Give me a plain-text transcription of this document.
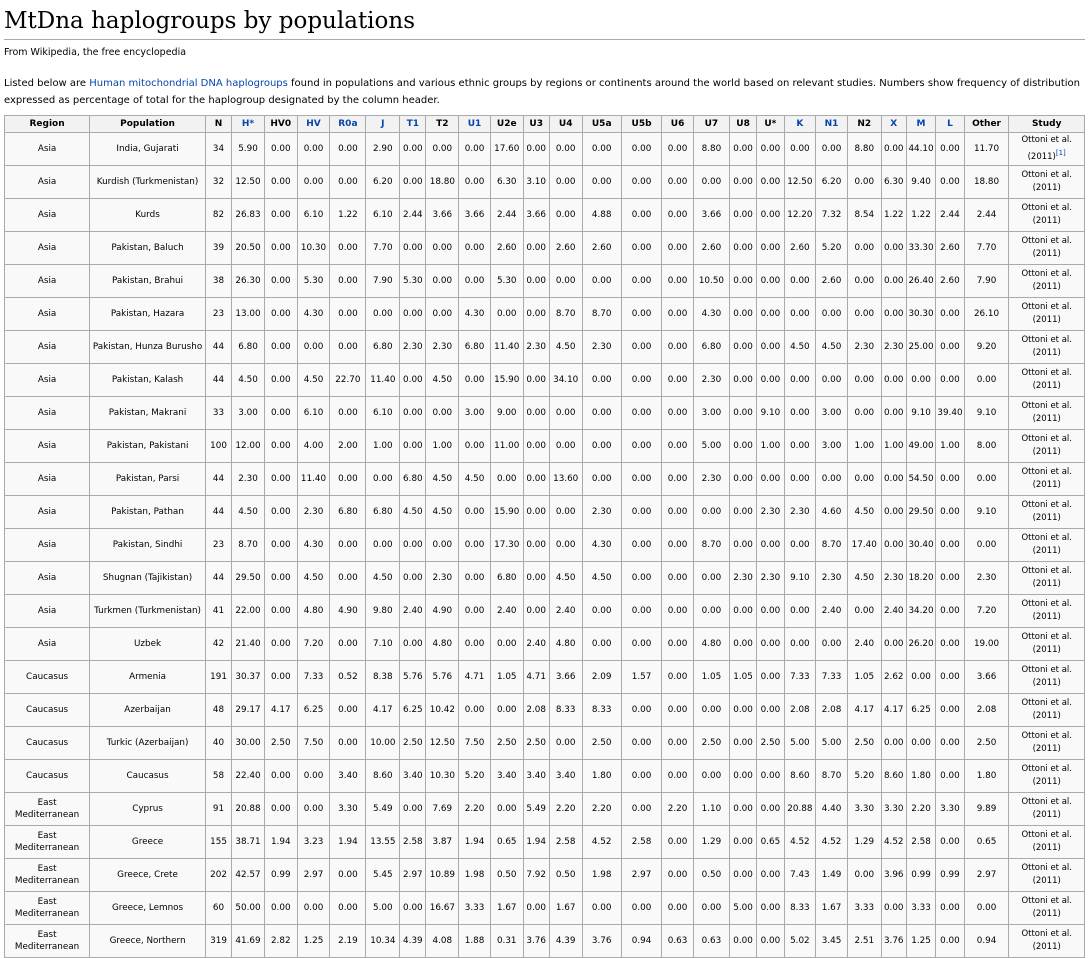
MtDna haplogroups by populations
From Wikipedia, the free encyclopedia
Listed below are Human mitochondrial DNA haplogroups found in populations and various ethnic groups by regions or continents around the world based on relevant studies. Numbers show frequency of distribution expressed as percentage of total for the haplogroup designated by the column header.
Region	Population	N	H*	HV0	HV	R0a	J	T1	T2	U1	U2e	U3	U4	U5a	U5b	U6	U7	U8	U*	K	N1	N2	X	M	L	Other	Study
Asia	India, Gujarati	34	5.90	0.00	0.00	0.00	2.90	0.00	0.00	0.00	17.60	0.00	0.00	0.00	0.00	0.00	8.80	0.00	0.00	0.00	0.00	8.80	0.00	44.10	0.00	11.70	Ottoni et al. (2011)[1]
Asia	Kurdish (Turkmenistan)	32	12.50	0.00	0.00	0.00	6.20	0.00	18.80	0.00	6.30	3.10	0.00	0.00	0.00	0.00	0.00	0.00	0.00	12.50	6.20	0.00	6.30	9.40	0.00	18.80	Ottoni et al. (2011)
Asia	Kurds	82	26.83	0.00	6.10	1.22	6.10	2.44	3.66	3.66	2.44	3.66	0.00	4.88	0.00	0.00	3.66	0.00	0.00	12.20	7.32	8.54	1.22	1.22	2.44	2.44	Ottoni et al. (2011)
Asia	Pakistan, Baluch	39	20.50	0.00	10.30	0.00	7.70	0.00	0.00	0.00	2.60	0.00	2.60	2.60	0.00	0.00	2.60	0.00	0.00	2.60	5.20	0.00	0.00	33.30	2.60	7.70	Ottoni et al. (2011)
Asia	Pakistan, Brahui	38	26.30	0.00	5.30	0.00	7.90	5.30	0.00	0.00	5.30	0.00	0.00	0.00	0.00	0.00	10.50	0.00	0.00	0.00	2.60	0.00	0.00	26.40	2.60	7.90	Ottoni et al. (2011)
Asia	Pakistan, Hazara	23	13.00	0.00	4.30	0.00	0.00	0.00	0.00	4.30	0.00	0.00	8.70	8.70	0.00	0.00	4.30	0.00	0.00	0.00	0.00	0.00	0.00	30.30	0.00	26.10	Ottoni et al. (2011)
Asia	Pakistan, Hunza Burusho	44	6.80	0.00	0.00	0.00	6.80	2.30	2.30	6.80	11.40	2.30	4.50	2.30	0.00	0.00	6.80	0.00	0.00	4.50	4.50	2.30	2.30	25.00	0.00	9.20	Ottoni et al. (2011)
Asia	Pakistan, Kalash	44	4.50	0.00	4.50	22.70	11.40	0.00	4.50	0.00	15.90	0.00	34.10	0.00	0.00	0.00	2.30	0.00	0.00	0.00	0.00	0.00	0.00	0.00	0.00	0.00	Ottoni et al. (2011)
Asia	Pakistan, Makrani	33	3.00	0.00	6.10	0.00	6.10	0.00	0.00	3.00	9.00	0.00	0.00	0.00	0.00	0.00	3.00	0.00	9.10	0.00	3.00	0.00	0.00	9.10	39.40	9.10	Ottoni et al. (2011)
Asia	Pakistan, Pakistani	100	12.00	0.00	4.00	2.00	1.00	0.00	1.00	0.00	11.00	0.00	0.00	0.00	0.00	0.00	5.00	0.00	1.00	0.00	3.00	1.00	1.00	49.00	1.00	8.00	Ottoni et al. (2011)
Asia	Pakistan, Parsi	44	2.30	0.00	11.40	0.00	0.00	6.80	4.50	4.50	0.00	0.00	13.60	0.00	0.00	0.00	2.30	0.00	0.00	0.00	0.00	0.00	0.00	54.50	0.00	0.00	Ottoni et al. (2011)
Asia	Pakistan, Pathan	44	4.50	0.00	2.30	6.80	6.80	4.50	4.50	0.00	15.90	0.00	0.00	2.30	0.00	0.00	0.00	0.00	2.30	2.30	4.60	4.50	0.00	29.50	0.00	9.10	Ottoni et al. (2011)
Asia	Pakistan, Sindhi	23	8.70	0.00	4.30	0.00	0.00	0.00	0.00	0.00	17.30	0.00	0.00	4.30	0.00	0.00	8.70	0.00	0.00	0.00	8.70	17.40	0.00	30.40	0.00	0.00	Ottoni et al. (2011)
Asia	Shugnan (Tajikistan)	44	29.50	0.00	4.50	0.00	4.50	0.00	2.30	0.00	6.80	0.00	4.50	4.50	0.00	0.00	0.00	2.30	2.30	9.10	2.30	4.50	2.30	18.20	0.00	2.30	Ottoni et al. (2011)
Asia	Turkmen (Turkmenistan)	41	22.00	0.00	4.80	4.90	9.80	2.40	4.90	0.00	2.40	0.00	2.40	0.00	0.00	0.00	0.00	0.00	0.00	0.00	2.40	0.00	2.40	34.20	0.00	7.20	Ottoni et al. (2011)
Asia	Uzbek	42	21.40	0.00	7.20	0.00	7.10	0.00	4.80	0.00	0.00	2.40	4.80	0.00	0.00	0.00	4.80	0.00	0.00	0.00	0.00	2.40	0.00	26.20	0.00	19.00	Ottoni et al. (2011)
Caucasus	Armenia	191	30.37	0.00	7.33	0.52	8.38	5.76	5.76	4.71	1.05	4.71	3.66	2.09	1.57	0.00	1.05	1.05	0.00	7.33	7.33	1.05	2.62	0.00	0.00	3.66	Ottoni et al. (2011)
Caucasus	Azerbaijan	48	29.17	4.17	6.25	0.00	4.17	6.25	10.42	0.00	0.00	2.08	8.33	8.33	0.00	0.00	0.00	0.00	0.00	2.08	2.08	4.17	4.17	6.25	0.00	2.08	Ottoni et al. (2011)
Caucasus	Turkic (Azerbaijan)	40	30.00	2.50	7.50	0.00	10.00	2.50	12.50	7.50	2.50	2.50	0.00	2.50	0.00	0.00	2.50	0.00	2.50	5.00	5.00	2.50	0.00	0.00	0.00	2.50	Ottoni et al. (2011)
Caucasus	Caucasus	58	22.40	0.00	0.00	3.40	8.60	3.40	10.30	5.20	3.40	3.40	3.40	1.80	0.00	0.00	0.00	0.00	0.00	8.60	8.70	5.20	8.60	1.80	0.00	1.80	Ottoni et al. (2011)
East Mediterranean	Cyprus	91	20.88	0.00	0.00	3.30	5.49	0.00	7.69	2.20	0.00	5.49	2.20	2.20	0.00	2.20	1.10	0.00	0.00	20.88	4.40	3.30	3.30	2.20	3.30	9.89	Ottoni et al. (2011)
East Mediterranean	Greece	155	38.71	1.94	3.23	1.94	13.55	2.58	3.87	1.94	0.65	1.94	2.58	4.52	2.58	0.00	1.29	0.00	0.65	4.52	4.52	1.29	4.52	2.58	0.00	0.65	Ottoni et al. (2011)
East Mediterranean	Greece, Crete	202	42.57	0.99	2.97	0.00	5.45	2.97	10.89	1.98	0.50	7.92	0.50	1.98	2.97	0.00	0.50	0.00	0.00	7.43	1.49	0.00	3.96	0.99	0.99	2.97	Ottoni et al. (2011)
East Mediterranean	Greece, Lemnos	60	50.00	0.00	0.00	0.00	5.00	0.00	16.67	3.33	1.67	0.00	1.67	0.00	0.00	0.00	0.00	5.00	0.00	8.33	1.67	3.33	0.00	3.33	0.00	0.00	Ottoni et al. (2011)
East Mediterranean	Greece, Northern	319	41.69	2.82	1.25	2.19	10.34	4.39	4.08	1.88	0.31	3.76	4.39	3.76	0.94	0.63	0.63	0.00	0.00	5.02	3.45	2.51	3.76	1.25	0.00	0.94	Ottoni et al. (2011)
